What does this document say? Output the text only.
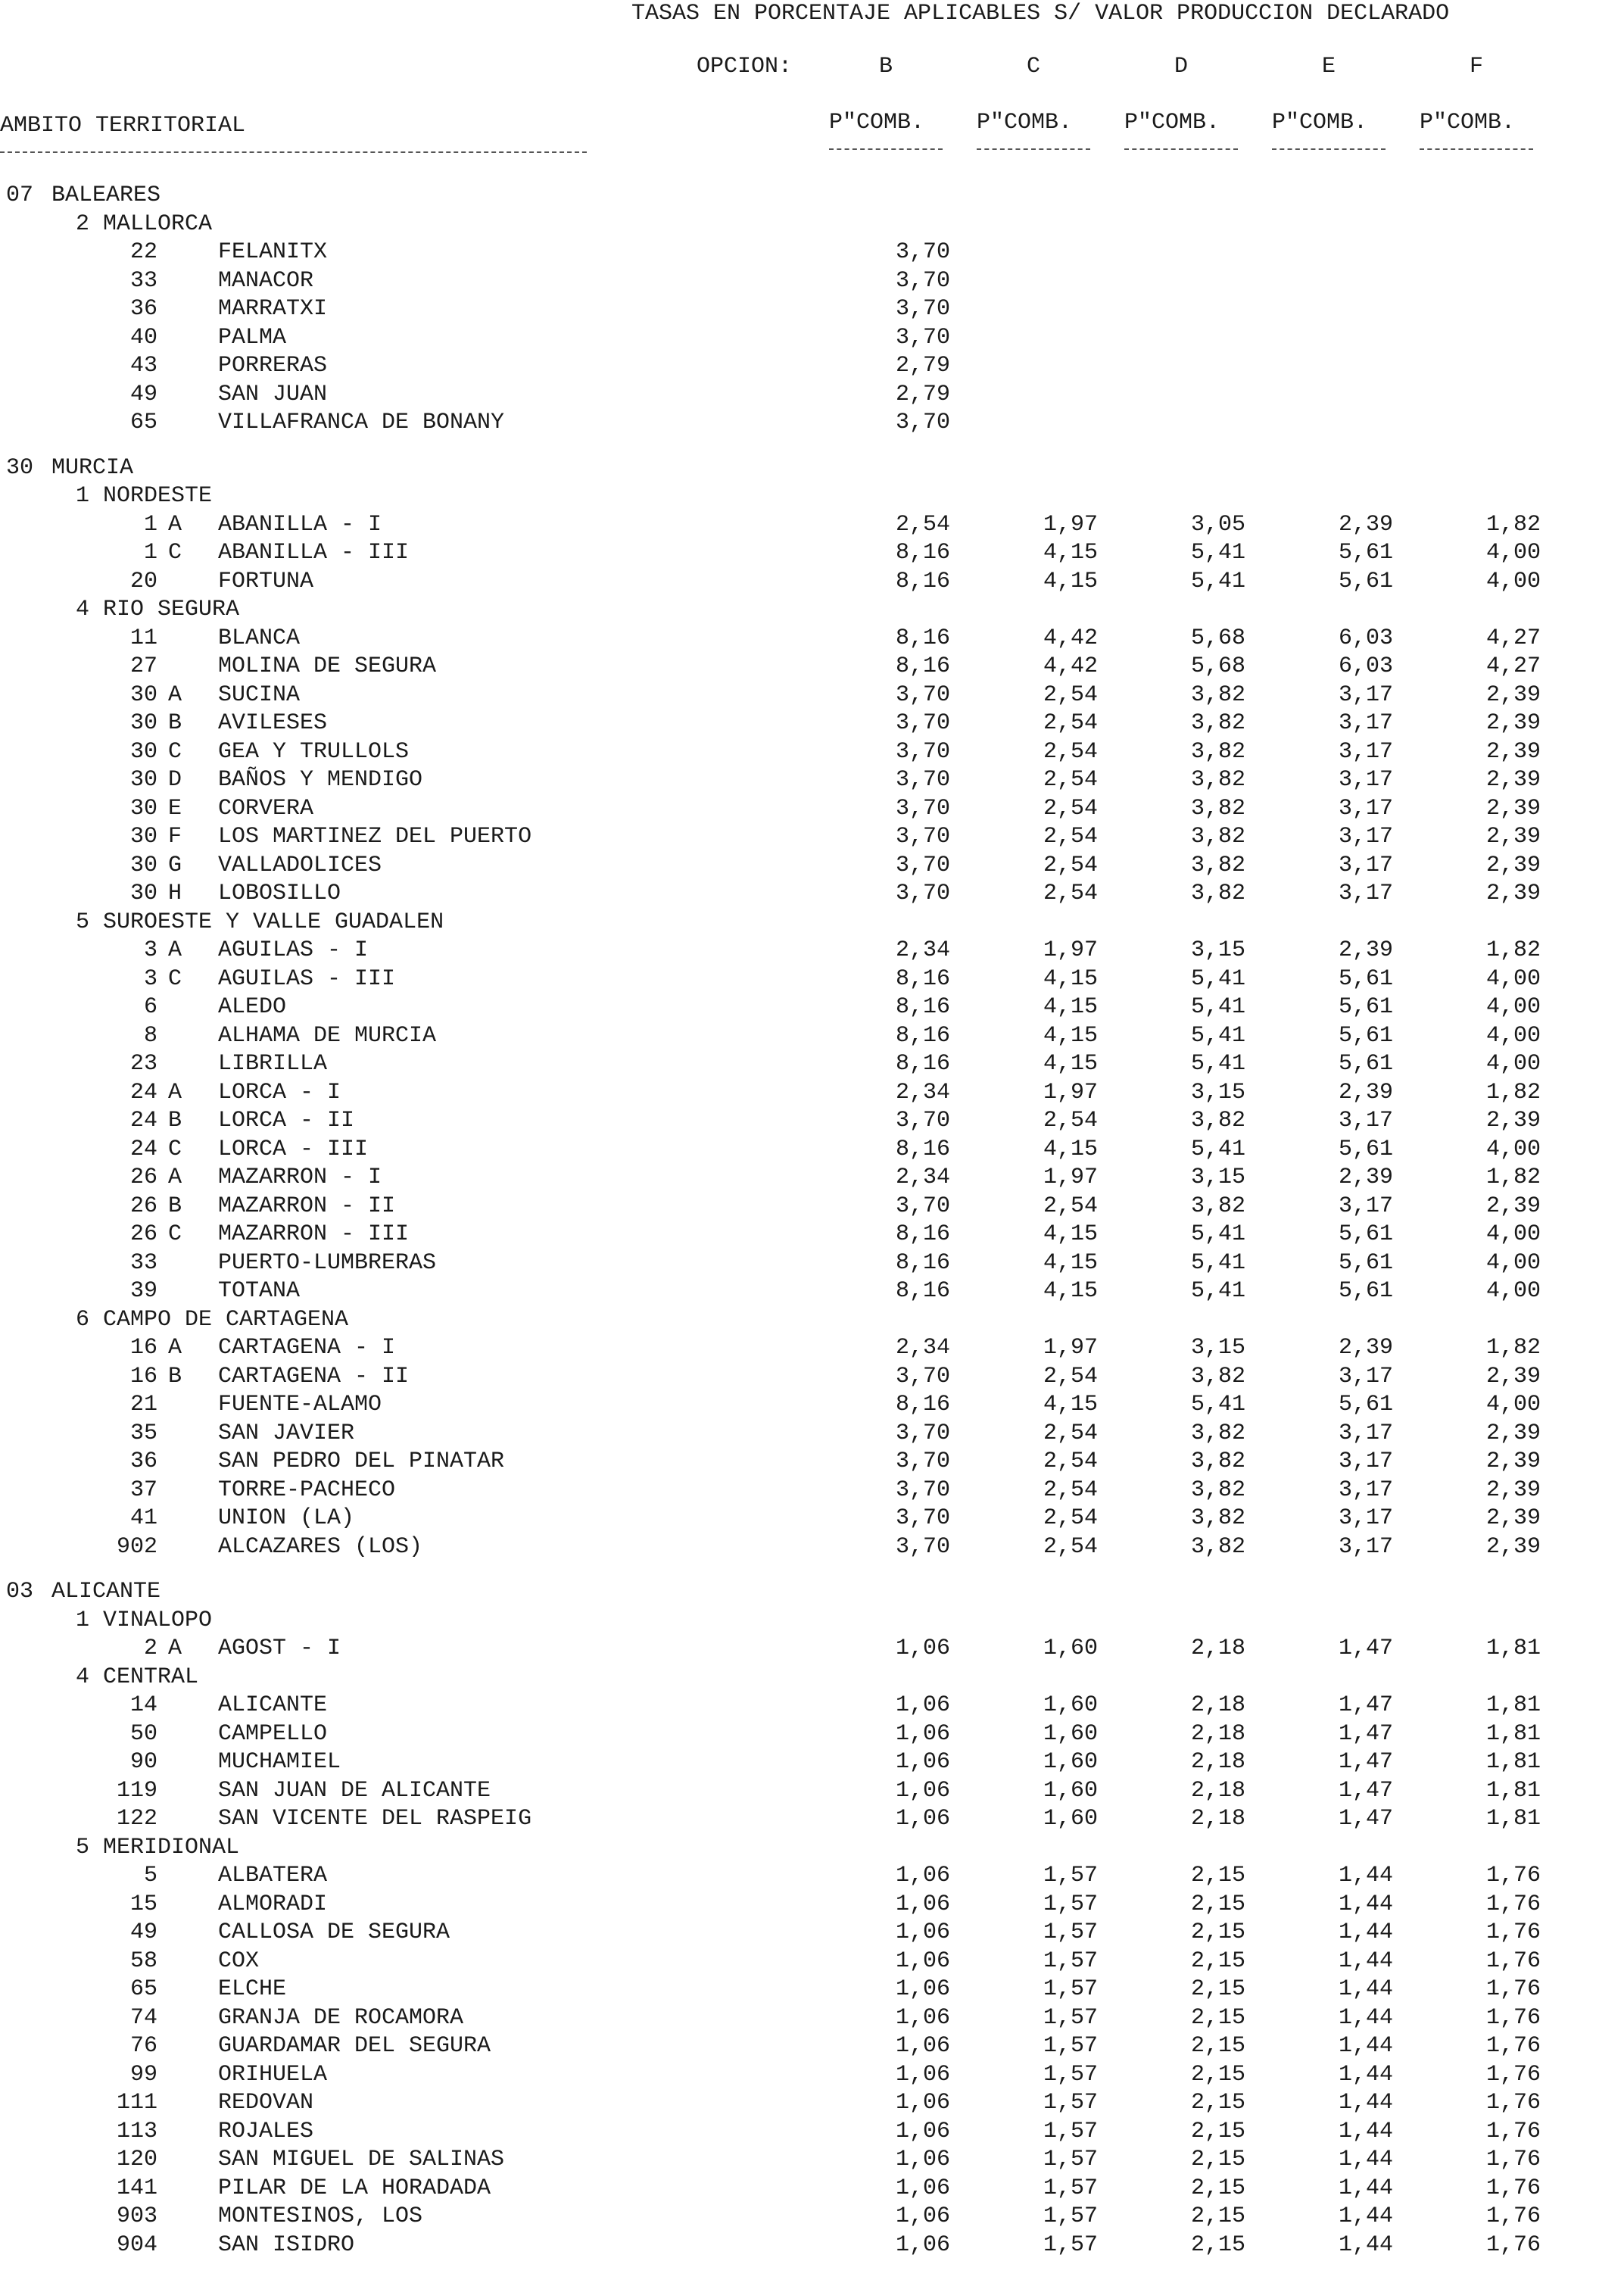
TASAS EN PORCENTAJE APLICABLES S/ VALOR PRODUCCION DECLARADO
OPCION:	B	C	D	E	F
AMBITO TERRITORIAL	P"COMB. P"COMB. P"COMB. P"COMB. P"COMB.
07 BALEARES
2 MALLORCA
22	FELANITX	3,70
33	MANACOR	3,70
36	MARRATXI	3,70
40	PALMA	3,70
43	PORRERAS	2,79
49	SAN JUAN	2,79
65	VILLAFRANCA DE BONANY	3,70
30 MURCIA
1 NORDESTE
1 A ABANILLA - I	2,54	1,97	3,05	2,39	1,82
1 C ABANILLA - III	8,16	4,15	5,41	5,61	4,00
20	FORTUNA	8,16	4,15	5,41	5,61	4,00
4 RIO SEGURA
11	BLANCA	8,16	4,42	5,68	6,03	4,27
27	MOLINA DE SEGURA	8,16	4,42	5,68	6,03	4,27
30 A SUCINA	3,70	2,54	3,82	3,17	2,39
30 B AVILESES	3,70	2,54	3,82	3,17	2,39
30 C GEA Y TRULLOLS	3,70	2,54	3,82	3,17	2,39
30 D BAÑOS Y MENDIGO	3,70	2,54	3,82	3,17	2,39
30 E CORVERA	3,70	2,54	3,82	3,17	2,39
30 F LOS MARTINEZ DEL PUERTO	3,70	2,54	3,82	3,17	2,39
30 G VALLADOLICES	3,70	2,54	3,82	3,17	2,39
30 H LOBOSILLO	3,70	2,54	3,82	3,17	2,39
5 SUROESTE Y VALLE GUADALEN
3 A AGUILAS - I	2,34	1,97	3,15	2,39	1,82
3 C AGUILAS - III	8,16	4,15	5,41	5,61	4,00
6	ALEDO	8,16	4,15	5,41	5,61	4,00
8	ALHAMA DE MURCIA	8,16	4,15	5,41	5,61	4,00
23	LIBRILLA	8,16	4,15	5,41	5,61	4,00
24 A LORCA - I	2,34	1,97	3,15	2,39	1,82
24 B LORCA - II	3,70	2,54	3,82	3,17	2,39
24 C LORCA - III	8,16	4,15	5,41	5,61	4,00
26 A MAZARRON - I	2,34	1,97	3,15	2,39	1,82
26 B MAZARRON - II	3,70	2,54	3,82	3,17	2,39
26 C MAZARRON - III	8,16	4,15	5,41	5,61	4,00
33	PUERTO-LUMBRERAS	8,16	4,15	5,41	5,61	4,00
39	TOTANA	8,16	4,15	5,41	5,61	4,00
6 CAMPO DE CARTAGENA
16 A CARTAGENA - I	2,34	1,97	3,15	2,39	1,82
16 B CARTAGENA - II	3,70	2,54	3,82	3,17	2,39
21	FUENTE-ALAMO	8,16	4,15	5,41	5,61	4,00
35	SAN JAVIER	3,70	2,54	3,82	3,17	2,39
36	SAN PEDRO DEL PINATAR	3,70	2,54	3,82	3,17	2,39
37	TORRE-PACHECO	3,70	2,54	3,82	3,17	2,39
41	UNION (LA)	3,70	2,54	3,82	3,17	2,39
902	ALCAZARES (LOS)	3,70	2,54	3,82	3,17	2,39
03 ALICANTE
1 VINALOPO
2 A AGOST - I	1,06	1,60	2,18	1,47	1,81
4 CENTRAL
14	ALICANTE	1,06	1,60	2,18	1,47	1,81
50	CAMPELLO	1,06	1,60	2,18	1,47	1,81
90	MUCHAMIEL	1,06	1,60	2,18	1,47	1,81
119	SAN JUAN DE ALICANTE	1,06	1,60	2,18	1,47	1,81
122	SAN VICENTE DEL RASPEIG	1,06	1,60	2,18	1,47	1,81
5 MERIDIONAL
5	ALBATERA	1,06	1,57	2,15	1,44	1,76
15	ALMORADI	1,06	1,57	2,15	1,44	1,76
49	CALLOSA DE SEGURA	1,06	1,57	2,15	1,44	1,76
58	COX	1,06	1,57	2,15	1,44	1,76
65	ELCHE	1,06	1,57	2,15	1,44	1,76
74	GRANJA DE ROCAMORA	1,06	1,57	2,15	1,44	1,76
76	GUARDAMAR DEL SEGURA	1,06	1,57	2,15	1,44	1,76
99	ORIHUELA	1,06	1,57	2,15	1,44	1,76
111	REDOVAN	1,06	1,57	2,15	1,44	1,76
113	ROJALES	1,06	1,57	2,15	1,44	1,76
120	SAN MIGUEL DE SALINAS	1,06	1,57	2,15	1,44	1,76
141	PILAR DE LA HORADADA	1,06	1,57	2,15	1,44	1,76
903	MONTESINOS, LOS	1,06	1,57	2,15	1,44	1,76
904	SAN ISIDRO	1,06	1,57	2,15	1,44	1,76
